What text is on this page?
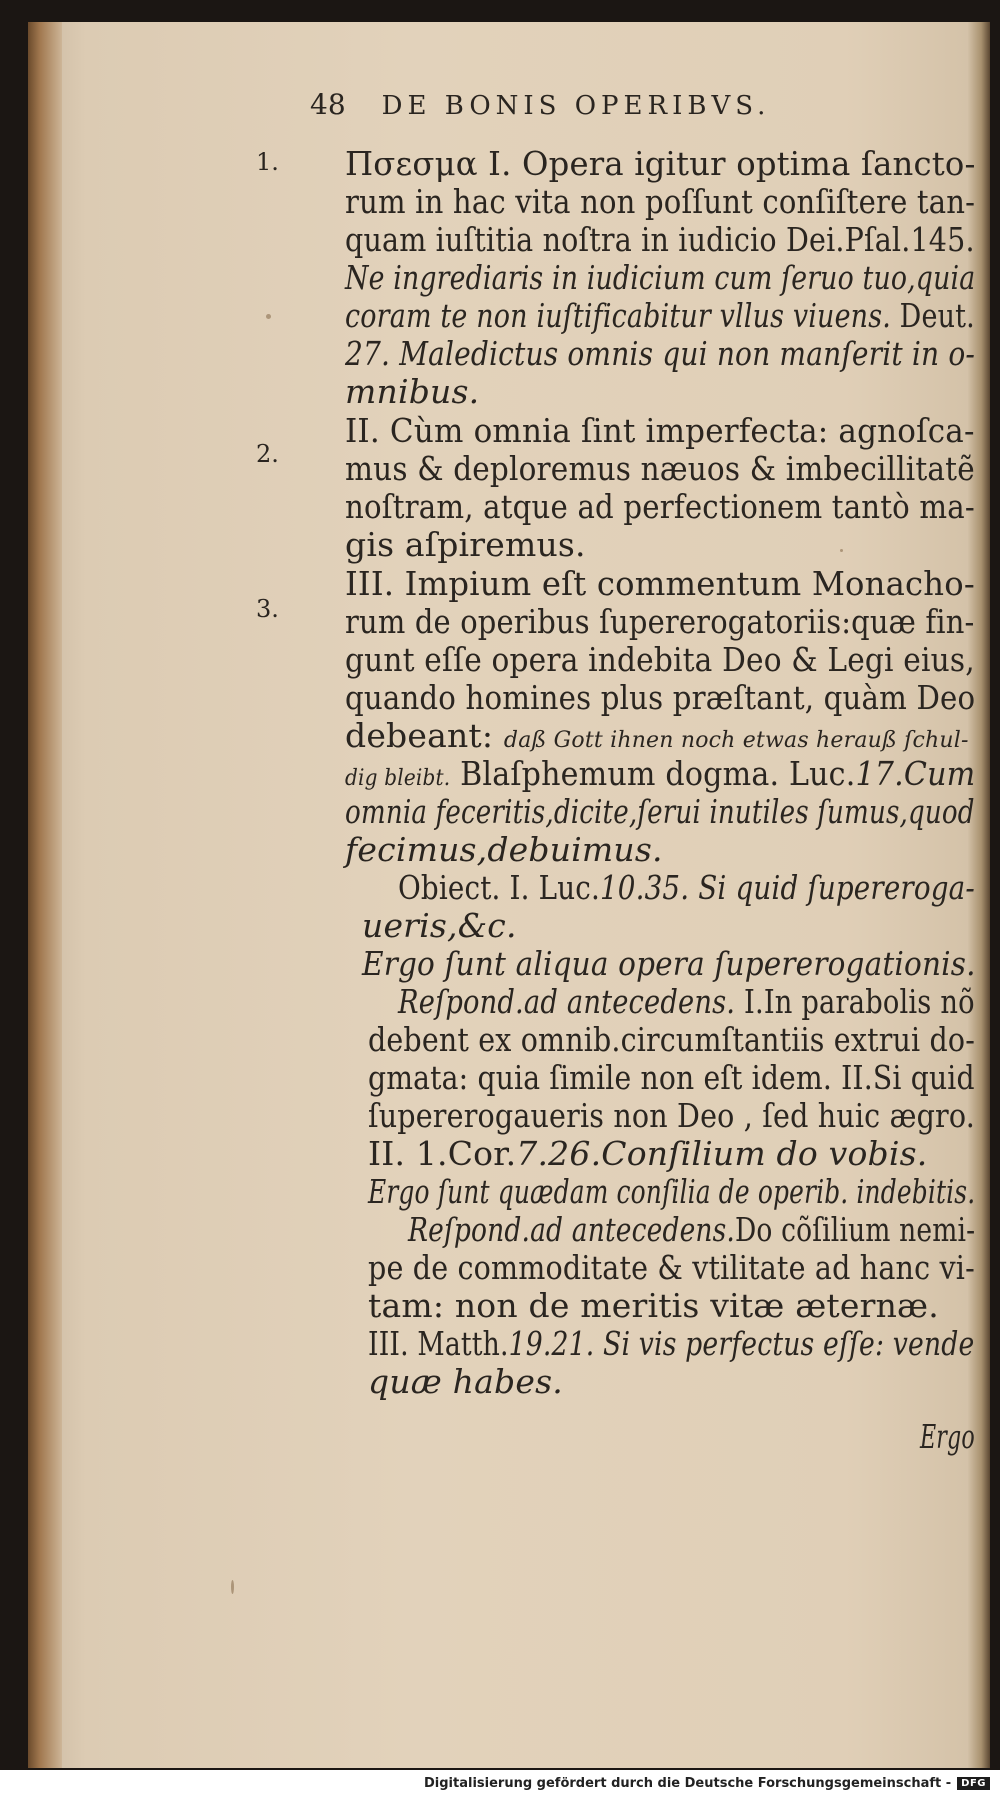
48 DE BONIS OPERIBVS.
1.
2.
3.
Πσεσμα I. Opera igitur optima ſancto-
rum in hac vita non poſſunt conſiſtere tan-
quam iuſtitia noſtra in iudicio Dei.Pſal.145.
Ne ingrediaris in iudicium cum ſeruo tuo,quia
coram te non iuſtificabitur vllus viuens. Deut.
27. Maledictus omnis qui non manſerit in o-
mnibus.
II. Cùm omnia ſint imperfecta: agnoſca-
mus & deploremus næuos & imbecillitatẽ
noſtram, atque ad perfectionem tantò ma-
gis aſpiremus.
III. Impium eſt commentum Monacho-
rum de operibus ſupererogatoriis:quæ fin-
gunt eſſe opera indebita Deo & Legi eius,
quando homines plus præſtant, quàm Deo
debeant: daß Gott ihnen noch etwas herauß ſchul-
dig bleibt. Blaſphemum dogma. Luc.17.Cum
omnia feceritis,dicite,ſerui inutiles ſumus,quod
fecimus,debuimus.
Obiect. I. Luc.10.35. Si quid ſupereroga-
ueris,&c.
Ergo ſunt aliqua opera ſupererogationis.
Reſpond.ad antecedens. I.In parabolis nõ
debent ex omnib.circumſtantiis extrui do-
gmata: quia ſimile non eſt idem. II.Si quid
ſupererogaueris non Deo , ſed huic ægro.
II. 1.Cor.7.26.Conſilium do vobis.
Ergo ſunt quædam conſilia de operib. indebitis.
Reſpond.ad antecedens.Do cõſilium nemi-
pe de commoditate & vtilitate ad hanc vi-
tam: non de meritis vitæ æternæ.
III. Matth.19.21. Si vis perfectus eſſe: vende
quæ habes.
Ergo
Digitalisierung gefördert durch die Deutsche Forschungsgemeinschaft -	DFG
